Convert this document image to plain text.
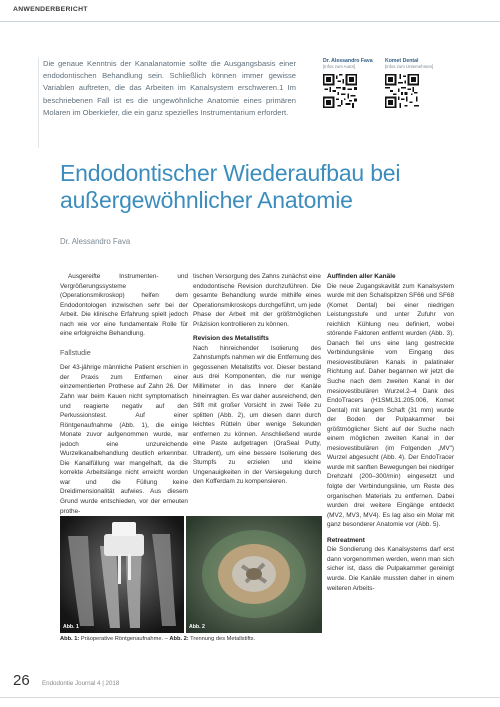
ANWENDERBERICHT

Die genaue Kenntnis der Kanalanatomie sollte die Ausgangsbasis einer endodontischen Behandlung sein. Schließlich können immer gewisse Variablen auftreten, die das Arbeiten im Kanalsystem erschweren.1 Im beschriebenen Fall ist es die ungewöhnliche Anatomie eines primären Molaren im Oberkiefer, die ein ganz spezielles Instrumentarium erfordert.

Dr. Alessandro Fava
[Infos zum Autor]
Komet Dental
[Infos zum Unternehmen]
Endodontischer Wiederaufbau bei außergewöhnlicher Anatomie
Dr. Alessandro Fava

Ausgereifte Instrumenten- und Vergrößerungssysteme (Operationsmikroskop) helfen dem Endodontologen inzwischen sehr bei der Arbeit. Die klinische Erfahrung spielt jedoch nach wie vor eine fundamentale Rolle für eine erfolgreiche Behandlung.

Fallstudie

Der 43-jährige männliche Patient erschien in der Praxis zum Entfernen einer einzementierten Prothese auf Zahn 26. Der Zahn war beim Kauen nicht symptomatisch und reagierte negativ auf den Perkussionstest. Auf einer Röntgenaufnahme (Abb. 1), die einige Monate zuvor aufgenommen wurde, war jedoch eine unzureichende Wurzelkanalbehandlung deutlich erkennbar. Die Kanalfüllung war mangelhaft, da die korrekte Arbeitslänge nicht erreicht worden war und die Füllung keine Dreidimensionalität aufwies. Aus diesem Grund wurde entschieden, vor der erneuten prothe-

tischen Versorgung des Zahns zunächst eine endodontische Revision durchzuführen. Die gesamte Behandlung wurde mithilfe eines Operationsmikroskops durchgeführt, um jede Phase der Arbeit mit der größtmöglichen Präzision kontrollieren zu können.

Revision des Metallstifts

Nach hinreichender Isolierung des Zahnstumpfs nahmen wir die Entfernung des gegossenen Metallstifts vor. Dieser bestand aus drei Komponenten, die nur wenige Millimeter in das Innere der Kanäle hineinragten. Es war daher ausreichend, den Stift mit großer Vorsicht in zwei Teile zu splitten (Abb. 2), um diesen dann durch leichtes Rütteln über wenige Sekunden entfernen zu können. Anschließend wurde eine Paste aufgetragen (OraSeal Putty, Ultradent), um eine bessere Isolierung des Stumpfs zu erzielen und kleine Ungenauigkeiten in der Versiegelung durch den Kofferdam zu kompensieren.

Auffinden aller Kanäle

Die neue Zugangskavität zum Kanalsystem wurde mit den Schallspitzen SF66 und SF68 (Komet Dental) bei einer niedrigen Leistungsstufe und unter Zufuhr von reichlich Kühlung neu definiert, wobei störende Faktoren entfernt wurden (Abb. 3). Danach fiel uns eine lang gestreckte Verbindungslinie vom Eingang des mesiovestibulären Kanals in palatinaler Richtung auf. Daher begannen wir jetzt die Suche nach dem zweiten Kanal in der mesiovestibulären Wurzel.2–4 Dank des EndoTracers (H1SML31.205.006, Komet Dental) mit langem Schaft (31 mm) wurde der Boden der Pulpakammer bei größtmöglicher Sicht auf der Suche nach einem möglichen zweiten Kanal in der mesiovestibulären (im Folgenden „MV") Wurzel abgesucht (Abb. 4). Der EndoTracer wurde mit sanften Bewegungen bei niedriger Drehzahl (200–300/min) eingesetzt und folgte der Verbindungslinie, um Reste des organischen Materials zu entfernen. Dabei wurden drei weitere Eingänge entdeckt (MV2, MV3, MV4). Es lag also ein Molar mit ganz besonderer Anatomie vor (Abb. 5).

Retreatment

Die Sondierung des Kanalsystems darf erst dann vorgenommen werden, wenn man sich sicher ist, dass die Pulpakammer gereinigt wurde. Die Kanäle mussten daher in einem weiteren Arbeits-

Abb. 1	Abb. 2
Abb. 1: Präoperative Röntgenaufnahme. – Abb. 2: Trennung des Metallstifts.
26 Endodontie Journal 4 | 2018
